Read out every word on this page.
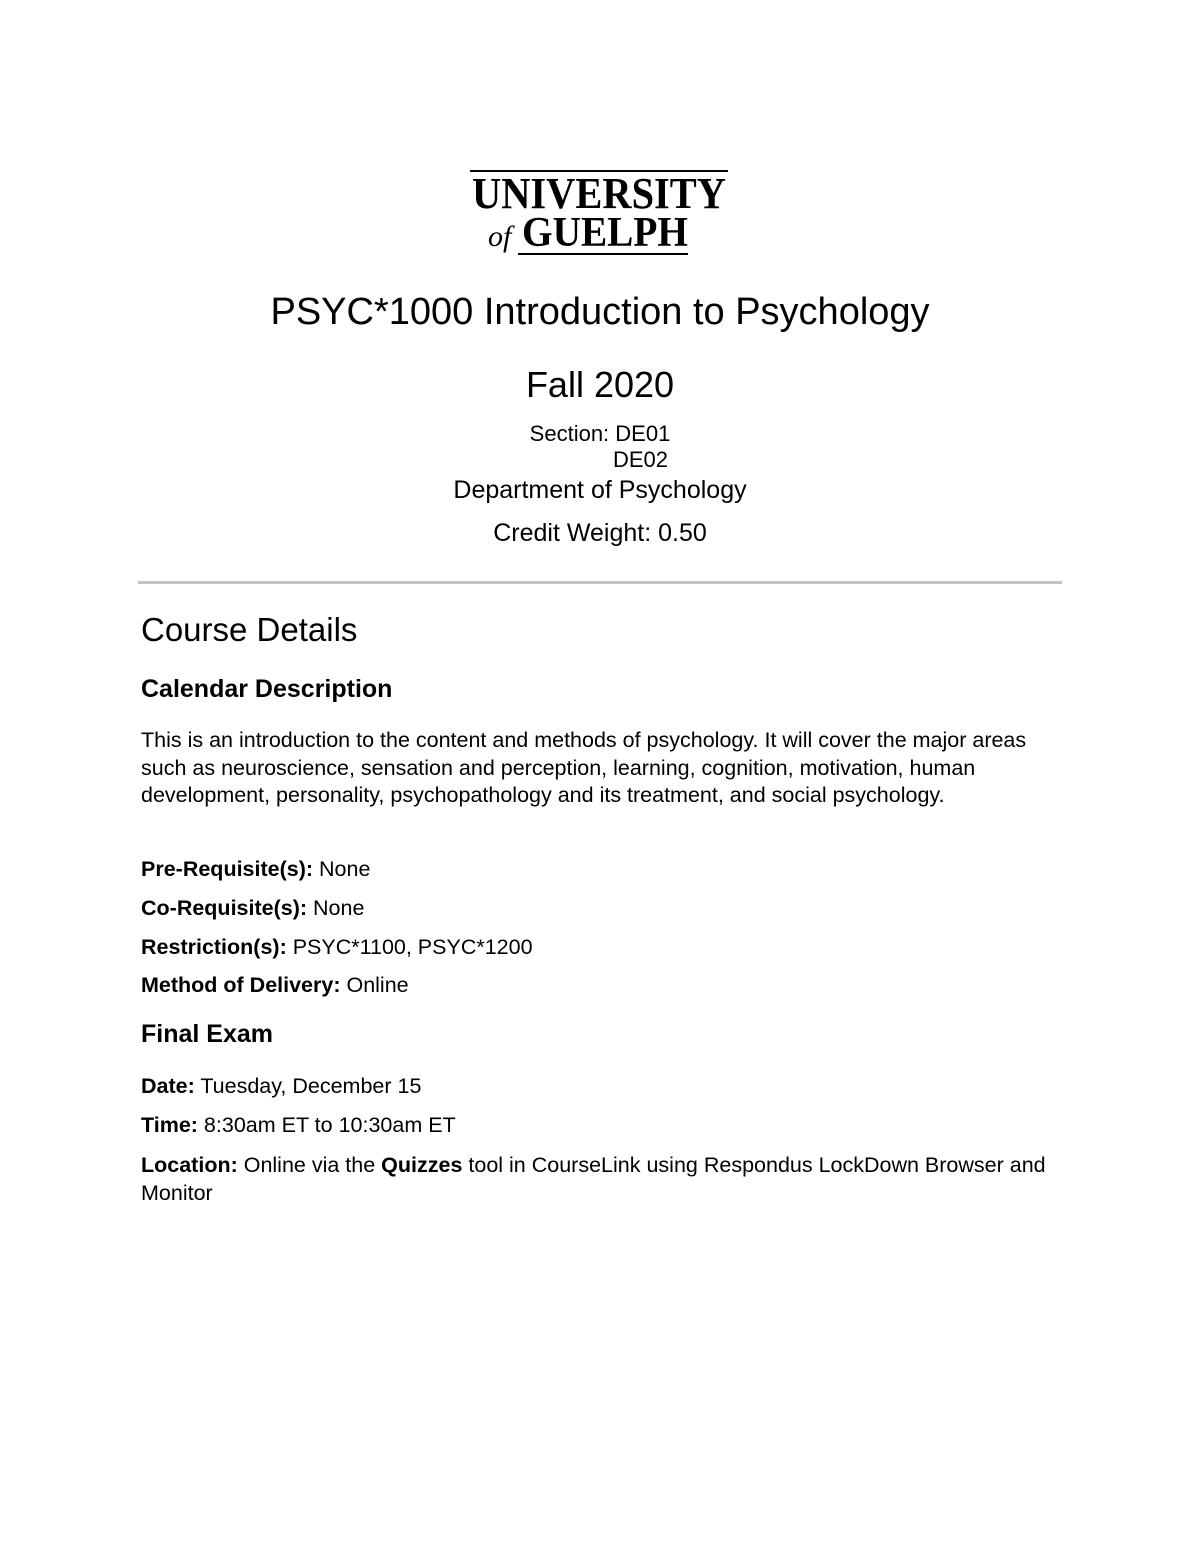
UNIVERSITY
of GUELPH
PSYC*1000 Introduction to Psychology
Fall 2020
Section: DE01
DE02
Department of Psychology
Credit Weight: 0.50
Course Details
Calendar Description
This is an introduction to the content and methods of psychology. It will cover the major areas such as neuroscience, sensation and perception, learning, cognition, motivation, human development, personality, psychopathology and its treatment, and social psychology.
Pre-Requisite(s): None
Co-Requisite(s): None
Restriction(s): PSYC*1100, PSYC*1200
Method of Delivery: Online
Final Exam
Date: Tuesday, December 15
Time: 8:30am ET to 10:30am ET
Location: Online via the Quizzes tool in CourseLink using Respondus LockDown Browser and Monitor
